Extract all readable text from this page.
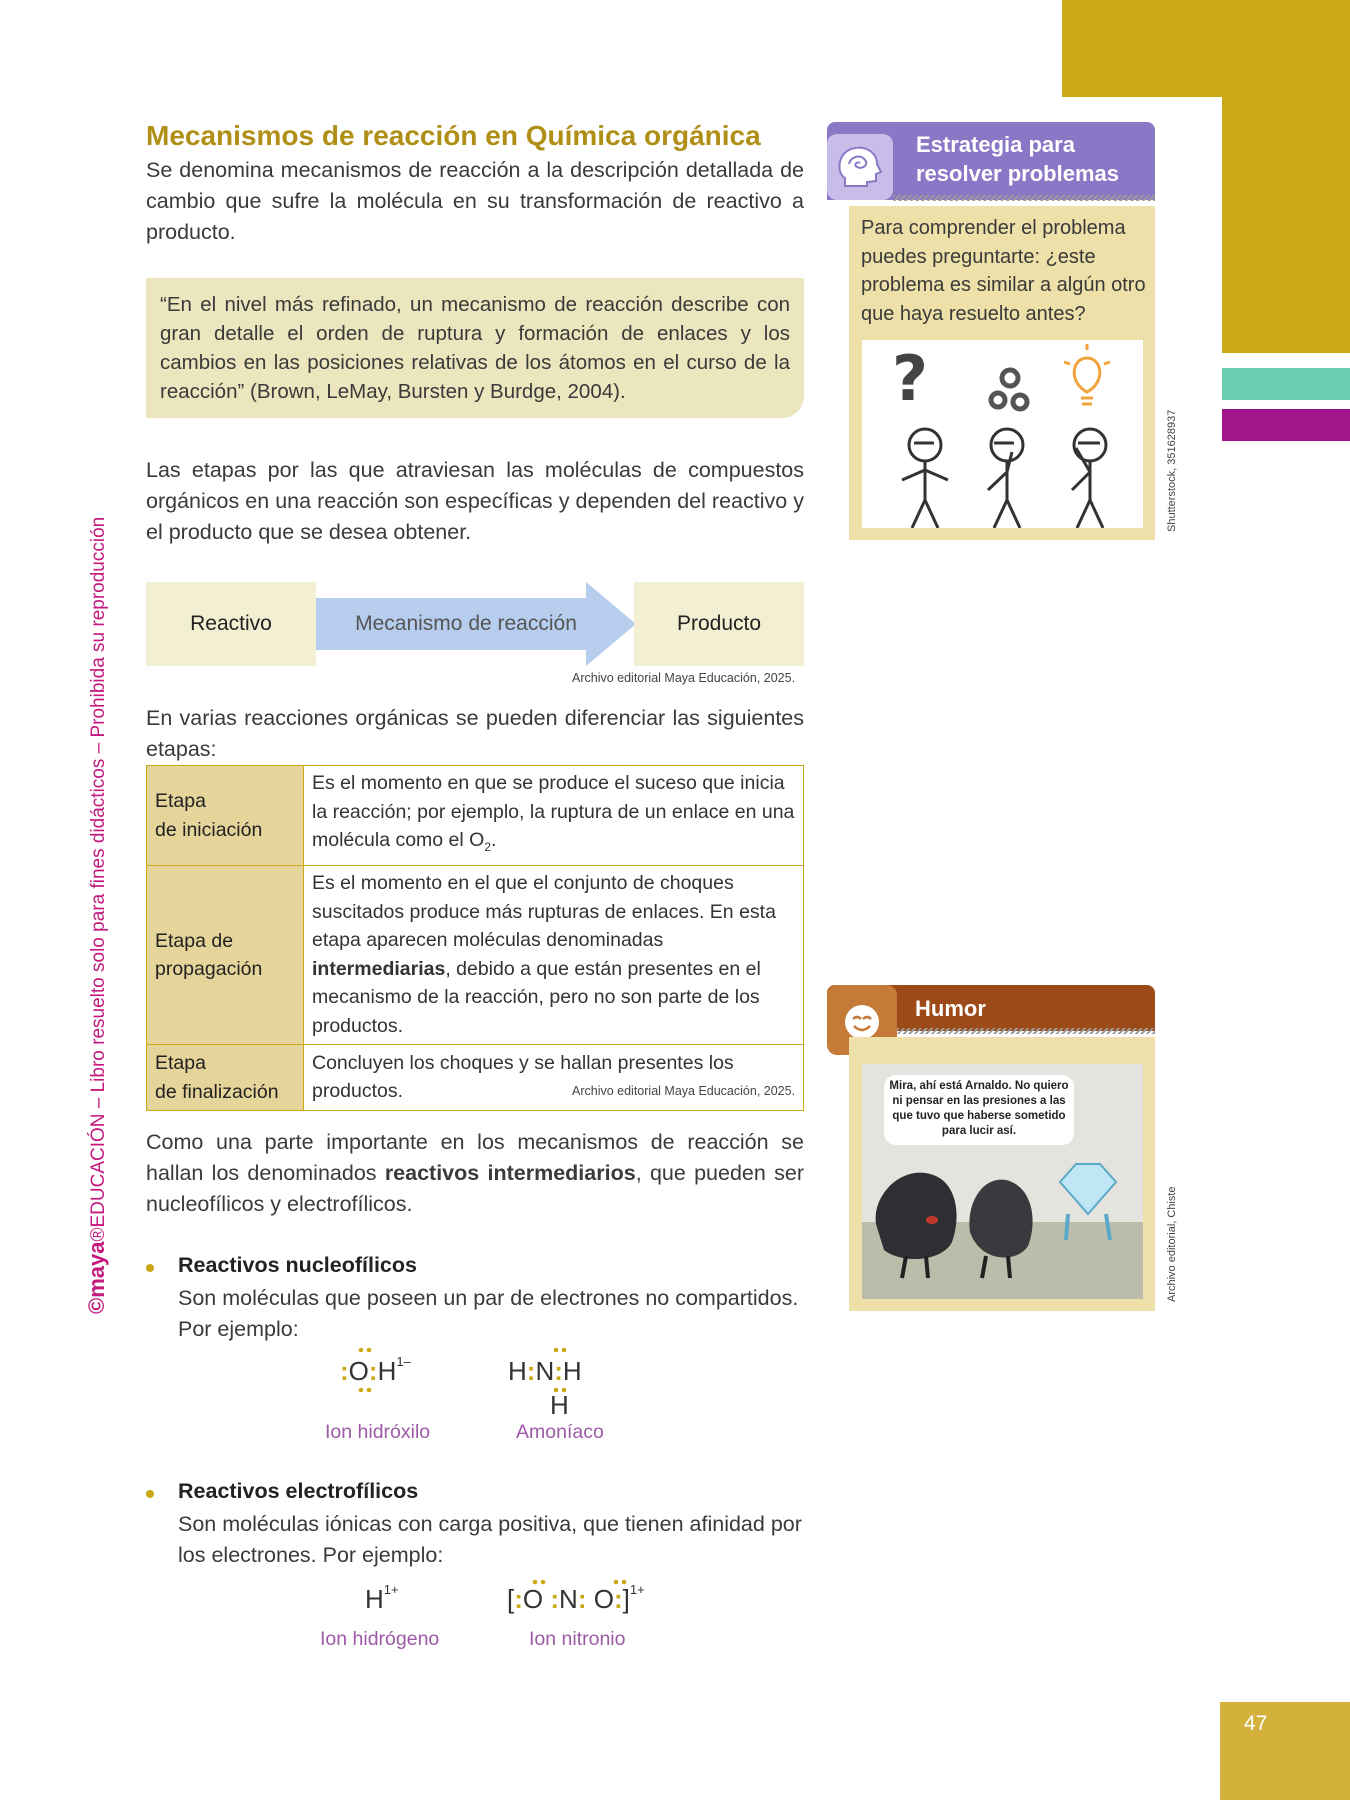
47
©maya®EDUCACIÓN – Libro resuelto solo para fines didácticos – Prohibida su reproducción
Mecanismos de reacción en Química orgánica

Se denomina mecanismos de reacción a la descripción detallada de cambio que sufre la molécula en su transformación de reactivo a producto.

“En el nivel más refinado, un mecanismo de reacción describe con gran detalle el orden de ruptura y formación de enlaces y los cambios en las posiciones relativas de los átomos en el curso de la reacción” (Brown, LeMay, Bursten y Burdge, 2004).

Las etapas por las que atraviesan las moléculas de compuestos orgánicos en una reacción son específicas y dependen del reactivo y el producto que se desea obtener.

Reactivo	Mecanismo de reacción	Producto
Archivo editorial Maya Educación, 2025.

En varias reacciones orgánicas se pueden diferenciar las siguientes etapas:

Etapa
de iniciación	Es el momento en que se produce el suceso que inicia la reacción; por ejemplo, la ruptura de un enlace en una molécula como el $O_2$.
Etapa de
propagación	Es el momento en el que el conjunto de choques suscitados produce más rupturas de enlaces. En esta etapa aparecen moléculas denominadas intermediarias, debido a que están presentes en el mecanismo de la reacción, pero no son parte de los productos.
Etapa
de finalización	Concluyen los choques y se hallan presentes los productos.	Archivo editorial Maya Educación, 2025.

Como una parte importante en los mecanismos de reacción se hallan los denominados reactivos intermediarios, que pueden ser nucleofílicos y electrofílicos.

Reactivos nucleofílicos

Son moléculas que poseen un par de electrones no compartidos. Por ejemplo:

$:O:H^{1-}$
Ion hidróxilo
H:N:H
H
Amoníaco
Reactivos electrofílicos

Son moléculas iónicas con carga positiva, que tienen afinidad por los electrones. Por ejemplo:

$H^{1+}$
Ion hidrógeno
[:O :N: O:]$^{1+}$
Ion nitronio
Estrategia para resolver problemas

Para comprender el problema puedes preguntarte: ¿este problema es similar a algún otro que haya resuelto antes?

?
Shutterstock, 351628937
Humor
Mira, ahí está Arnaldo. No quiero ni pensar en las presiones a las que tuvo que haberse sometido para lucir así.
Archivo editorial, Chiste
